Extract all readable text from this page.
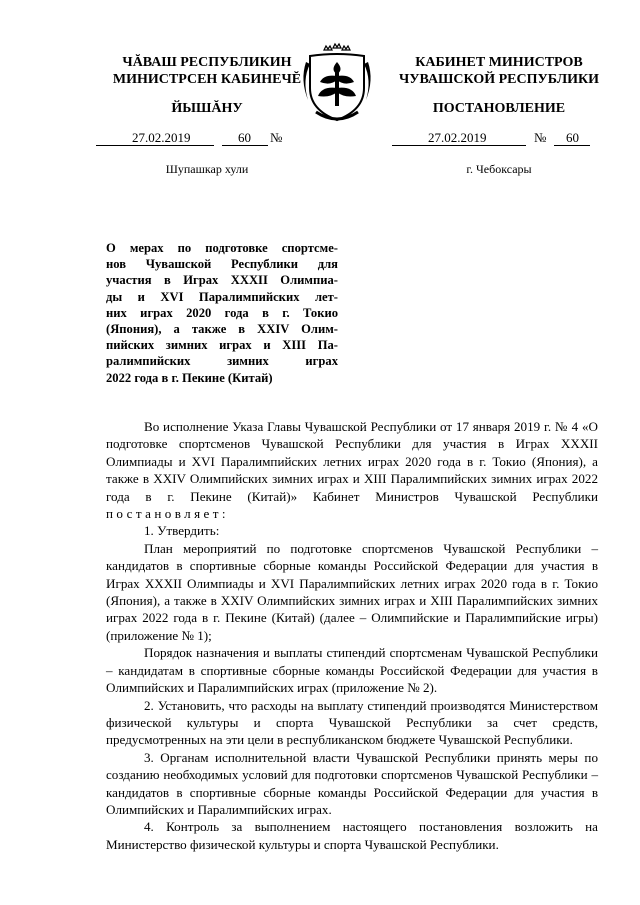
ЧĂВАШ РЕСПУБЛИКИН
МИНИСТРСЕН КАБИНЕЧĔ
ЙЫШĂНУ
КАБИНЕТ МИНИСТРОВ
ЧУВАШСКОЙ РЕСПУБЛИКИ
ПОСТАНОВЛЕНИЕ
27.02.2019	60 №	27.02.2019	№ 60
Шупашкар хули	г. Чебоксары
О мерах по подготовке спортсме-
нов Чувашской Республики для
участия в Играх XXXII Олимпиа-
ды и XVI Паралимпийских лет-
них играх 2020 года в г. Токио
(Япония), а также в XXIV Олим-
пийских зимних играх и XIII Па-
ралимпийских зимних играх
2022 года в г. Пекине (Китай)

Во исполнение Указа Главы Чувашской Республики от 17 января 2019 г. № 4 «О подготовке спортсменов Чувашской Республики для участия в Играх XXXII Олимпиады и XVI Паралимпийских летних играх 2020 года в г. Токио (Япония), а также в XXIV Олимпийских зимних играх и XIII Паралимпийских зимних играх 2022 года в г. Пекине (Китай)» Кабинет Министров Чувашской Республики постановляет:

1. Утвердить:

План мероприятий по подготовке спортсменов Чувашской Республики – кандидатов в спортивные сборные команды Российской Федерации для участия в Играх XXXII Олимпиады и XVI Паралимпийских летних играх 2020 года в г. Токио (Япония), а также в XXIV Олимпийских зимних играх и XIII Паралимпийских зимних играх 2022 года в г. Пекине (Китай) (далее – Олимпийские и Паралимпийские игры) (приложение № 1);

Порядок назначения и выплаты стипендий спортсменам Чувашской Республики – кандидатам в спортивные сборные команды Российской Федерации для участия в Олимпийских и Паралимпийских играх (приложение № 2).

2. Установить, что расходы на выплату стипендий производятся Министерством физической культуры и спорта Чувашской Республики за счет средств, предусмотренных на эти цели в республиканском бюджете Чувашской Республики.

3. Органам исполнительной власти Чувашской Республики принять меры по созданию необходимых условий для подготовки спортсменов Чувашской Республики – кандидатов в спортивные сборные команды Российской Федерации для участия в Олимпийских и Паралимпийских играх.

4. Контроль за выполнением настоящего постановления возложить на Министерство физической культуры и спорта Чувашской Республики.
